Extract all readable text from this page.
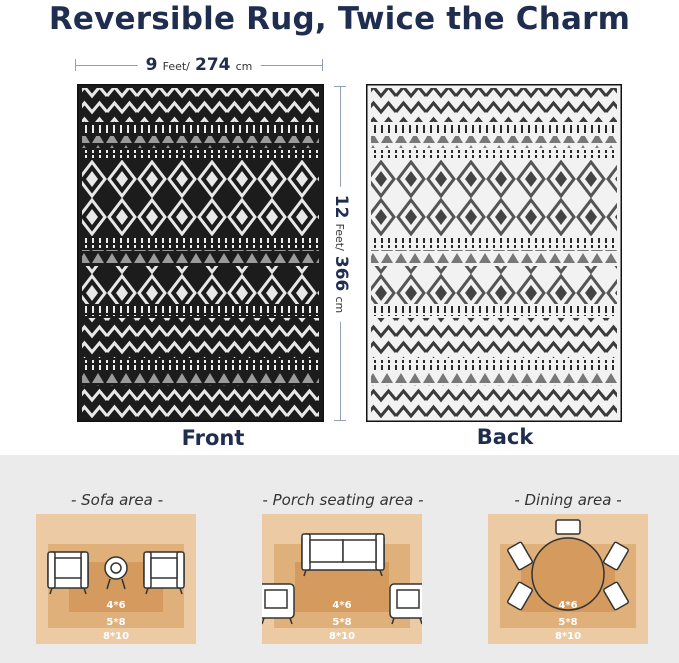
Reversible Rug, Twice the Charm
9 Feet/ 274 cm
12 Feet/ 366 cm
Front	Back
- Sofa area -	- Porch seating area -	- Dining area -
4*6
5*8
8*10
4*6
5*8
8*10
4*6
5*8
8*10
